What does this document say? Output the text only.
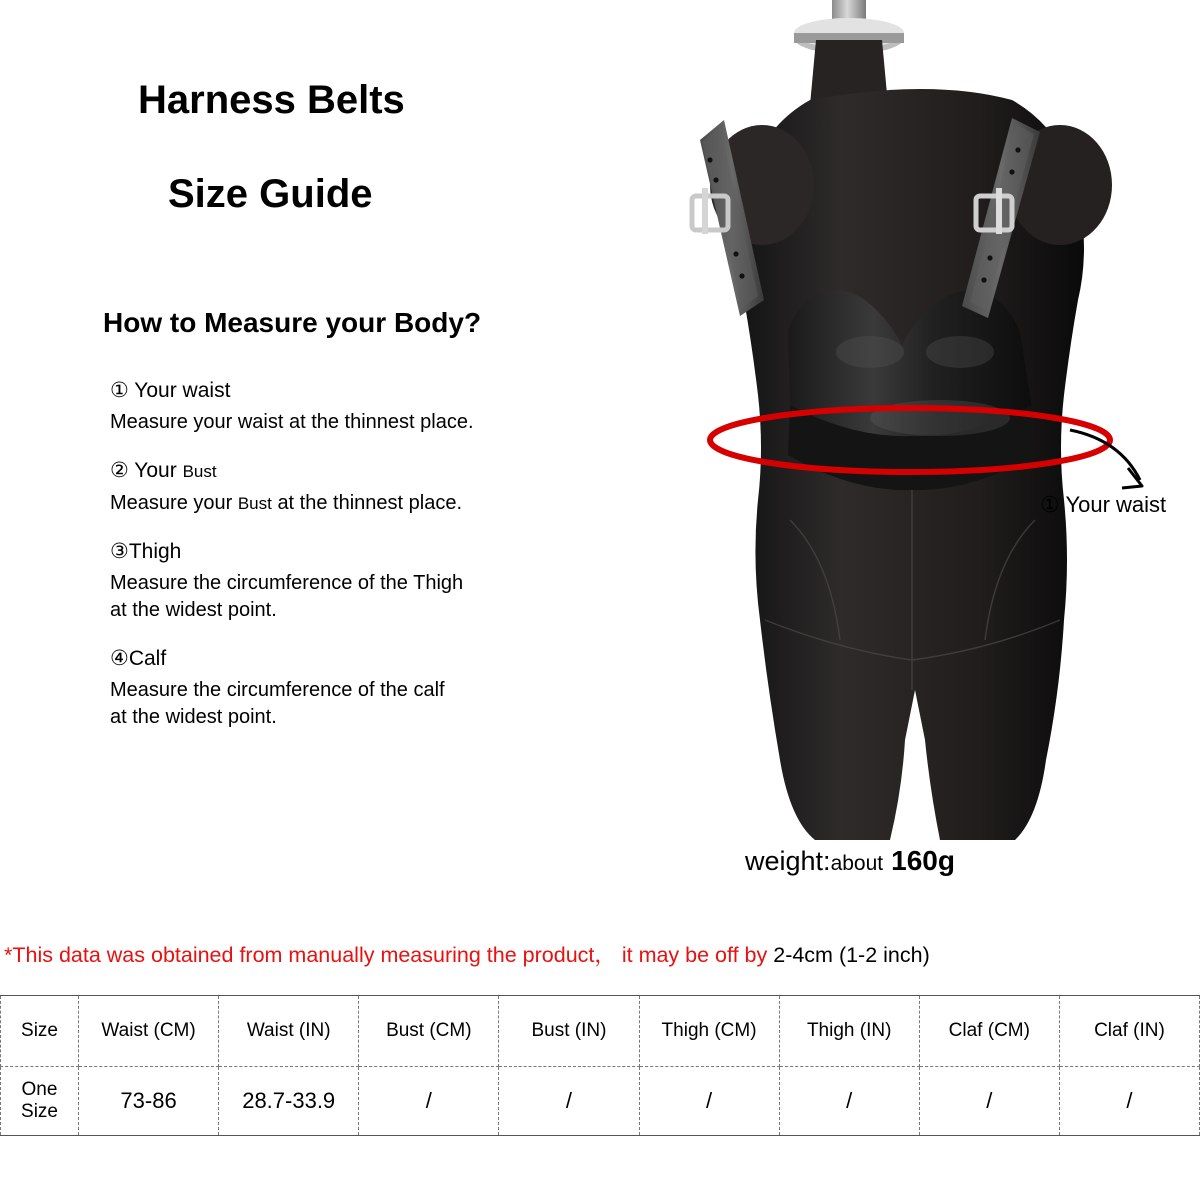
Harness Belts
Size Guide
How to Measure your Body?

① Your waist

Measure your waist at the thinnest place.

② Your Bust

Measure your Bust at the thinnest place.

③Thigh

Measure the circumference of the Thigh

at the widest point.

④Calf

Measure the circumference of the calf

at the widest point.

① Your waist
weight:about 160g
*This data was obtained from manually measuring the product， it may be off by 2-4cm (1-2 inch)
Size	Waist (CM)	Waist (IN)	Bust (CM)	Bust (IN)	Thigh (CM)	Thigh (IN)	Claf (CM)	Claf (IN)
One Size	73-86	28.7-33.9	/	/	/	/	/	/
